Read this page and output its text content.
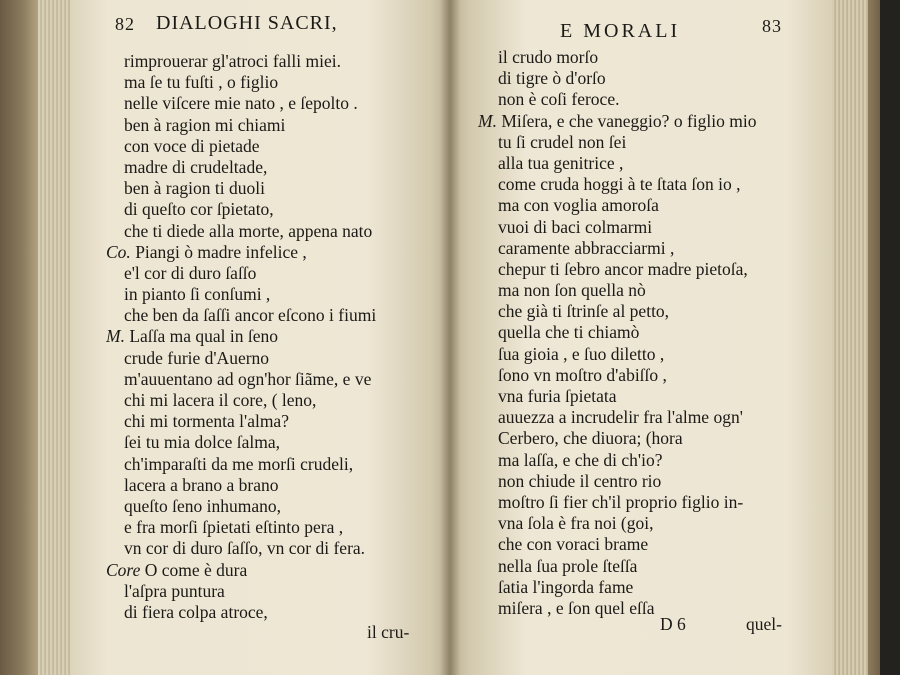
82 DIALOGHI SACRI,
rimprouerar gl'atroci falli miei.
ma ſe tu fuſti , o figlio
nelle viſcere mie nato , e ſepolto .
ben à ragion mi chiami
con voce di pietade
madre di crudeltade,
ben à ragion ti duoli
di queſto cor ſpietato,
che ti diede alla morte, appena nato
Co. Piangi ò madre infelice ,
e'l cor di duro ſaſſo
in pianto ſi conſumi ,
che ben da ſaſſi ancor eſcono i fiumi
M. Laſſa ma qual in ſeno
crude furie d'Auerno
m'auuentano ad ogn'hor ſiãme, e ve
chi mi lacera il core, ( leno,
chi mi tormenta l'alma?
ſei tu mia dolce ſalma,
ch'imparaſti da me morſi crudeli,
lacera a brano a brano
queſto ſeno inhumano,
e fra morſi ſpietati eſtinto pera ,
vn cor di duro ſaſſo, vn cor di fera.
Core O come è dura
l'aſpra puntura
di fiera colpa atroce,
il cru-
E MORALI	83
il crudo morſo
di tigre ò d'orſo
non è coſi feroce.
M. Miſera, e che vaneggio? o figlio mio
tu ſi crudel non ſei
alla tua genitrice ,
come cruda hoggi à te ſtata ſon io ,
ma con voglia amoroſa
vuoi di baci colmarmi
caramente abbracciarmi ,
chepur ti ſebro ancor madre pietoſa,
ma non ſon quella nò
che già ti ſtrinſe al petto,
quella che ti chiamò
ſua gioia , e ſuo diletto ,
ſono vn moſtro d'abiſſo ,
vna furia ſpietata
auuezza a incrudelir fra l'alme ogn'
Cerbero, che diuora; (hora
ma laſſa, e che di ch'io?
non chiude il centro rio
moſtro ſi fier ch'il proprio figlio in-
vna ſola è fra noi (goi,
che con voraci brame
nella ſua prole ſteſſa
ſatia l'ingorda fame
miſera , e ſon quel eſſa
D 6	quel-
